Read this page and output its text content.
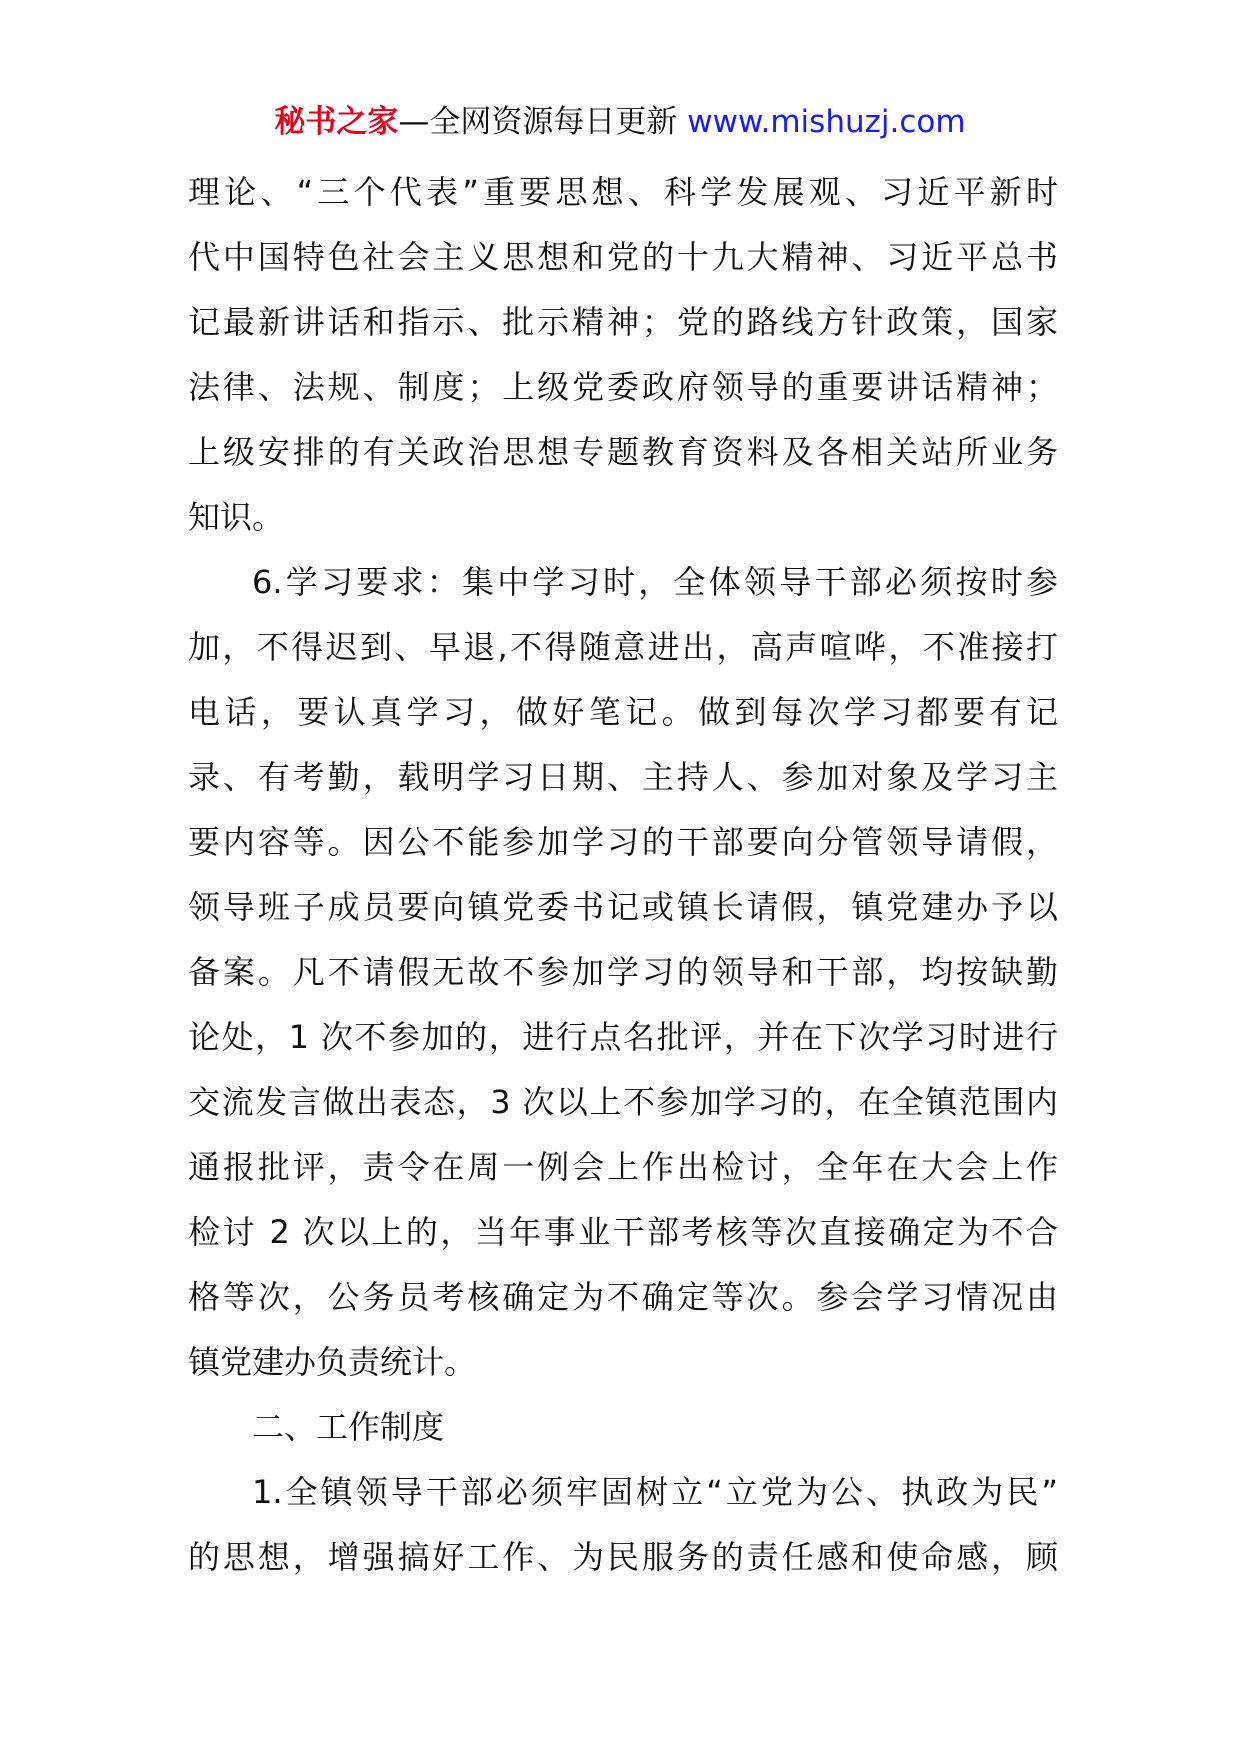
秘书之家—全网资源每日更新 www.mishuzj.com
理论、“三个代表”重要思想、科学发展观、习近平新时
代中国特色社会主义思想和党的十九大精神、习近平总书
记最新讲话和指示、批示精神；党的路线方针政策，国家
法律、法规、制度；上级党委政府领导的重要讲话精神；
上级安排的有关政治思想专题教育资料及各相关站所业务
知识。
6.学习要求：集中学习时，全体领导干部必须按时参
加，不得迟到、早退,不得随意进出，高声喧哗，不准接打
电话，要认真学习，做好笔记。做到每次学习都要有记
录、有考勤，载明学习日期、主持人、参加对象及学习主
要内容等。因公不能参加学习的干部要向分管领导请假，
领导班子成员要向镇党委书记或镇长请假，镇党建办予以
备案。凡不请假无故不参加学习的领导和干部，均按缺勤
论处，1 次不参加的，进行点名批评，并在下次学习时进行
交流发言做出表态，3 次以上不参加学习的，在全镇范围内
通报批评，责令在周一例会上作出检讨，全年在大会上作
检讨 2 次以上的，当年事业干部考核等次直接确定为不合
格等次，公务员考核确定为不确定等次。参会学习情况由
镇党建办负责统计。
二、工作制度
1.全镇领导干部必须牢固树立“立党为公、执政为民”
的思想，增强搞好工作、为民服务的责任感和使命感，顾
